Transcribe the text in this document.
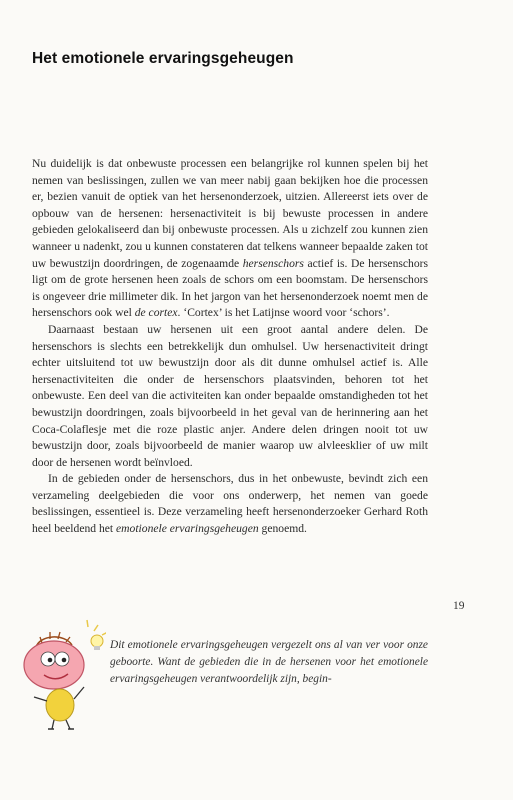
Het emotionele ervaringsgeheugen

Nu duidelijk is dat onbewuste processen een belangrijke rol kunnen spelen bij het nemen van beslissingen, zullen we van meer nabij gaan bekijken hoe die processen er, bezien vanuit de optiek van het hersenonderzoek, uitzien. Allereerst iets over de opbouw van de hersenen: hersenactiviteit is bij bewuste processen in andere gebieden gelokaliseerd dan bij onbewuste processen. Als u zichzelf zou kunnen zien wanneer u nadenkt, zou u kunnen constateren dat telkens wanneer bepaalde zaken tot uw bewustzijn doordringen, de zogenaamde hersenschors actief is. De hersenschors ligt om de grote hersenen heen zoals de schors om een boomstam. De hersenschors is ongeveer drie millimeter dik. In het jargon van het hersenonderzoek noemt men de hersenschors ook wel de cortex. ‘Cortex’ is het Latijnse woord voor ‘schors’.

Daarnaast bestaan uw hersenen uit een groot aantal andere delen. De hersenschors is slechts een betrekkelijk dun omhulsel. Uw hersenactiviteit dringt echter uitsluitend tot uw bewustzijn door als dit dunne omhulsel actief is. Alle hersenactiviteiten die onder de hersenschors plaatsvinden, behoren tot het onbewuste. Een deel van die activiteiten kan onder bepaalde omstandigheden tot het bewustzijn doordringen, zoals bijvoorbeeld in het geval van de herinnering aan het Coca-Colaflesje met die roze plastic anjer. Andere delen dringen nooit tot uw bewustzijn door, zoals bijvoorbeeld de manier waarop uw alvleesklier of uw milt door de hersenen wordt beïnvloed.

In de gebieden onder de hersenschors, dus in het onbewuste, bevindt zich een verzameling deelgebieden die voor ons onderwerp, het nemen van goede beslissingen, essentieel is. Deze verzameling heeft hersenonderzoeker Gerhard Roth heel beeldend het emotionele ervaringsgeheugen genoemd.

19
Dit emotionele ervaringsgeheugen vergezelt ons al van ver voor onze geboorte. Want de gebieden die in de hersenen voor het emotionele ervaringsgeheugen verantwoordelijk zijn, begin-
